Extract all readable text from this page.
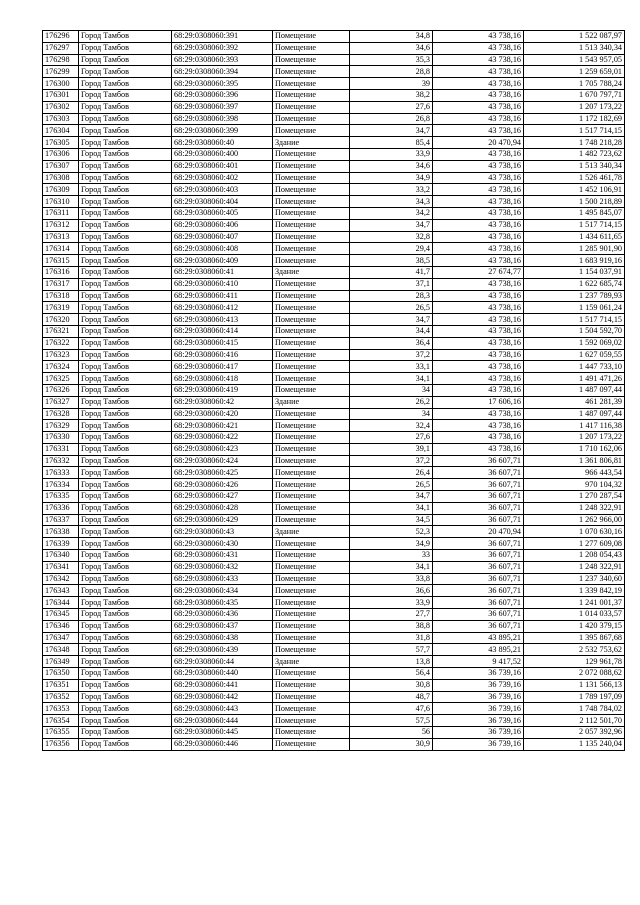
176296	Город Тамбов	68:29:0308060:391	Помещение	34,8	43 738,16	1 522 087,97
176297	Город Тамбов	68:29:0308060:392	Помещение	34,6	43 738,16	1 513 340,34
176298	Город Тамбов	68:29:0308060:393	Помещение	35,3	43 738,16	1 543 957,05
176299	Город Тамбов	68:29:0308060:394	Помещение	28,8	43 738,16	1 259 659,01
176300	Город Тамбов	68:29:0308060:395	Помещение	39	43 738,16	1 705 788,24
176301	Город Тамбов	68:29:0308060:396	Помещение	38,2	43 738,16	1 670 797,71
176302	Город Тамбов	68:29:0308060:397	Помещение	27,6	43 738,16	1 207 173,22
176303	Город Тамбов	68:29:0308060:398	Помещение	26,8	43 738,16	1 172 182,69
176304	Город Тамбов	68:29:0308060:399	Помещение	34,7	43 738,16	1 517 714,15
176305	Город Тамбов	68:29:0308060:40	Здание	85,4	20 470,94	1 748 218,28
176306	Город Тамбов	68:29:0308060:400	Помещение	33,9	43 738,16	1 482 723,62
176307	Город Тамбов	68:29:0308060:401	Помещение	34,6	43 738,16	1 513 340,34
176308	Город Тамбов	68:29:0308060:402	Помещение	34,9	43 738,16	1 526 461,78
176309	Город Тамбов	68:29:0308060:403	Помещение	33,2	43 738,16	1 452 106,91
176310	Город Тамбов	68:29:0308060:404	Помещение	34,3	43 738,16	1 500 218,89
176311	Город Тамбов	68:29:0308060:405	Помещение	34,2	43 738,16	1 495 845,07
176312	Город Тамбов	68:29:0308060:406	Помещение	34,7	43 738,16	1 517 714,15
176313	Город Тамбов	68:29:0308060:407	Помещение	32,8	43 738,16	1 434 611,65
176314	Город Тамбов	68:29:0308060:408	Помещение	29,4	43 738,16	1 285 901,90
176315	Город Тамбов	68:29:0308060:409	Помещение	38,5	43 738,16	1 683 919,16
176316	Город Тамбов	68:29:0308060:41	Здание	41,7	27 674,77	1 154 037,91
176317	Город Тамбов	68:29:0308060:410	Помещение	37,1	43 738,16	1 622 685,74
176318	Город Тамбов	68:29:0308060:411	Помещение	28,3	43 738,16	1 237 789,93
176319	Город Тамбов	68:29:0308060:412	Помещение	26,5	43 738,16	1 159 061,24
176320	Город Тамбов	68:29:0308060:413	Помещение	34,7	43 738,16	1 517 714,15
176321	Город Тамбов	68:29:0308060:414	Помещение	34,4	43 738,16	1 504 592,70
176322	Город Тамбов	68:29:0308060:415	Помещение	36,4	43 738,16	1 592 069,02
176323	Город Тамбов	68:29:0308060:416	Помещение	37,2	43 738,16	1 627 059,55
176324	Город Тамбов	68:29:0308060:417	Помещение	33,1	43 738,16	1 447 733,10
176325	Город Тамбов	68:29:0308060:418	Помещение	34,1	43 738,16	1 491 471,26
176326	Город Тамбов	68:29:0308060:419	Помещение	34	43 738,16	1 487 097,44
176327	Город Тамбов	68:29:0308060:42	Здание	26,2	17 606,16	461 281,39
176328	Город Тамбов	68:29:0308060:420	Помещение	34	43 738,16	1 487 097,44
176329	Город Тамбов	68:29:0308060:421	Помещение	32,4	43 738,16	1 417 116,38
176330	Город Тамбов	68:29:0308060:422	Помещение	27,6	43 738,16	1 207 173,22
176331	Город Тамбов	68:29:0308060:423	Помещение	39,1	43 738,16	1 710 162,06
176332	Город Тамбов	68:29:0308060:424	Помещение	37,2	36 607,71	1 361 806,81
176333	Город Тамбов	68:29:0308060:425	Помещение	26,4	36 607,71	966 443,54
176334	Город Тамбов	68:29:0308060:426	Помещение	26,5	36 607,71	970 104,32
176335	Город Тамбов	68:29:0308060:427	Помещение	34,7	36 607,71	1 270 287,54
176336	Город Тамбов	68:29:0308060:428	Помещение	34,1	36 607,71	1 248 322,91
176337	Город Тамбов	68:29:0308060:429	Помещение	34,5	36 607,71	1 262 966,00
176338	Город Тамбов	68:29:0308060:43	Здание	52,3	20 470,94	1 070 630,16
176339	Город Тамбов	68:29:0308060:430	Помещение	34,9	36 607,71	1 277 609,08
176340	Город Тамбов	68:29:0308060:431	Помещение	33	36 607,71	1 208 054,43
176341	Город Тамбов	68:29:0308060:432	Помещение	34,1	36 607,71	1 248 322,91
176342	Город Тамбов	68:29:0308060:433	Помещение	33,8	36 607,71	1 237 340,60
176343	Город Тамбов	68:29:0308060:434	Помещение	36,6	36 607,71	1 339 842,19
176344	Город Тамбов	68:29:0308060:435	Помещение	33,9	36 607,71	1 241 001,37
176345	Город Тамбов	68:29:0308060:436	Помещение	27,7	36 607,71	1 014 033,57
176346	Город Тамбов	68:29:0308060:437	Помещение	38,8	36 607,71	1 420 379,15
176347	Город Тамбов	68:29:0308060:438	Помещение	31,8	43 895,21	1 395 867,68
176348	Город Тамбов	68:29:0308060:439	Помещение	57,7	43 895,21	2 532 753,62
176349	Город Тамбов	68:29:0308060:44	Здание	13,8	9 417,52	129 961,78
176350	Город Тамбов	68:29:0308060:440	Помещение	56,4	36 739,16	2 072 088,62
176351	Город Тамбов	68:29:0308060:441	Помещение	30,8	36 739,16	1 131 566,13
176352	Город Тамбов	68:29:0308060:442	Помещение	48,7	36 739,16	1 789 197,09
176353	Город Тамбов	68:29:0308060:443	Помещение	47,6	36 739,16	1 748 784,02
176354	Город Тамбов	68:29:0308060:444	Помещение	57,5	36 739,16	2 112 501,70
176355	Город Тамбов	68:29:0308060:445	Помещение	56	36 739,16	2 057 392,96
176356	Город Тамбов	68:29:0308060:446	Помещение	30,9	36 739,16	1 135 240,04
